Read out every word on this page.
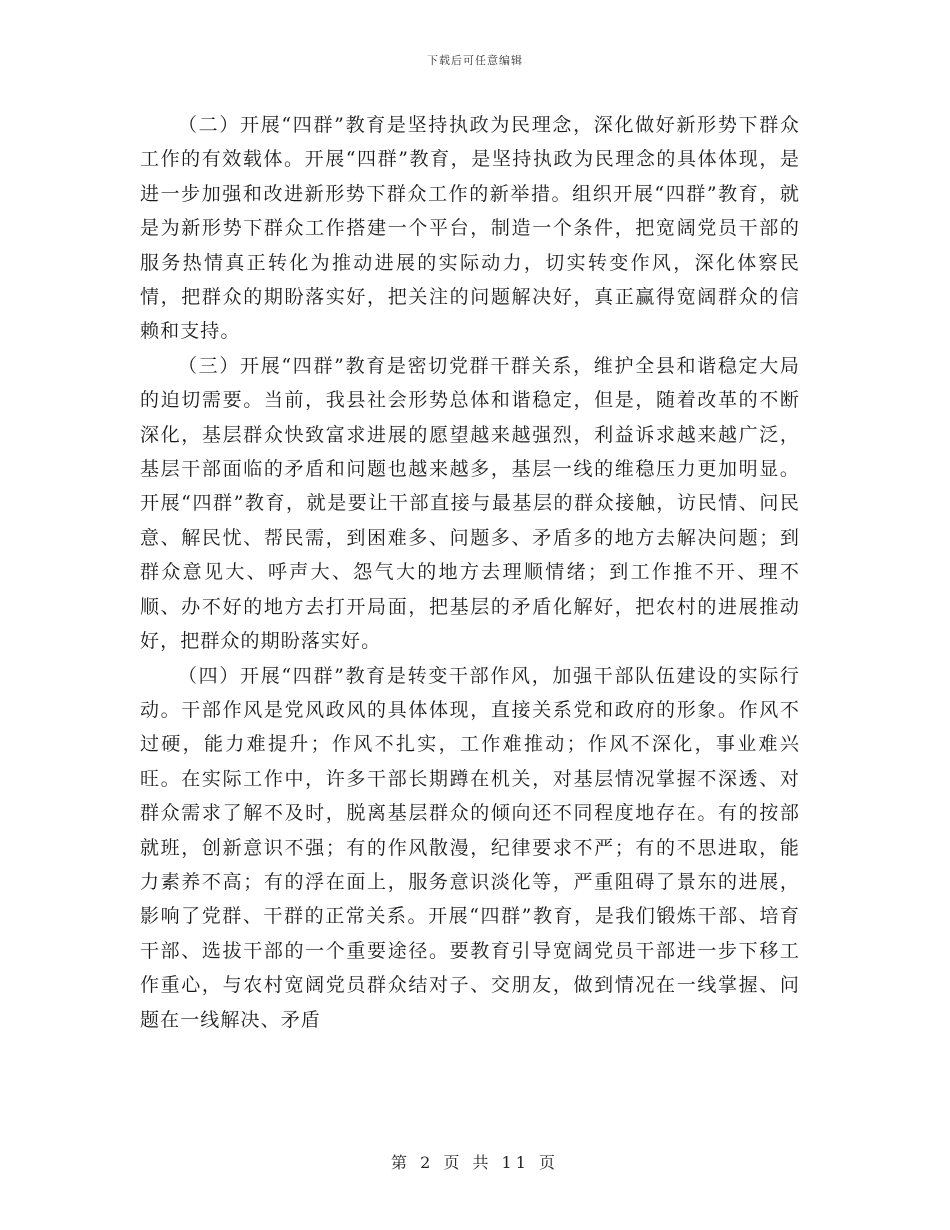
下载后可任意编辑

（二）开展“四群”教育是坚持执政为民理念，深化做好新形势下群众工作的有效载体。开展“四群”教育，是坚持执政为民理念的具体体现，是进一步加强和改进新形势下群众工作的新举措。组织开展“四群”教育，就是为新形势下群众工作搭建一个平台，制造一个条件，把宽阔党员干部的服务热情真正转化为推动进展的实际动力，切实转变作风，深化体察民情，把群众的期盼落实好，把关注的问题解决好，真正赢得宽阔群众的信赖和支持。

（三）开展“四群”教育是密切党群干群关系，维护全县和谐稳定大局的迫切需要。当前，我县社会形势总体和谐稳定，但是，随着改革的不断深化，基层群众快致富求进展的愿望越来越强烈，利益诉求越来越广泛，基层干部面临的矛盾和问题也越来越多，基层一线的维稳压力更加明显。开展“四群”教育，就是要让干部直接与最基层的群众接触，访民情、问民意、解民忧、帮民需，到困难多、问题多、矛盾多的地方去解决问题；到群众意见大、呼声大、怨气大的地方去理顺情绪；到工作推不开、理不顺、办不好的地方去打开局面，把基层的矛盾化解好，把农村的进展推动好，把群众的期盼落实好。

（四）开展“四群”教育是转变干部作风，加强干部队伍建设的实际行动。干部作风是党风政风的具体体现，直接关系党和政府的形象。作风不过硬，能力难提升；作风不扎实，工作难推动；作风不深化，事业难兴旺。在实际工作中，许多干部长期蹲在机关，对基层情况掌握不深透、对群众需求了解不及时，脱离基层群众的倾向还不同程度地存在。有的按部就班，创新意识不强；有的作风散漫，纪律要求不严；有的不思进取，能力素养不高；有的浮在面上，服务意识淡化等，严重阻碍了景东的进展，影响了党群、干群的正常关系。开展“四群”教育，是我们锻炼干部、培育干部、选拔干部的一个重要途径。要教育引导宽阔党员干部进一步下移工作重心，与农村宽阔党员群众结对子、交朋友，做到情况在一线掌握、问题在一线解决、矛盾

第 2 页 共 11 页
